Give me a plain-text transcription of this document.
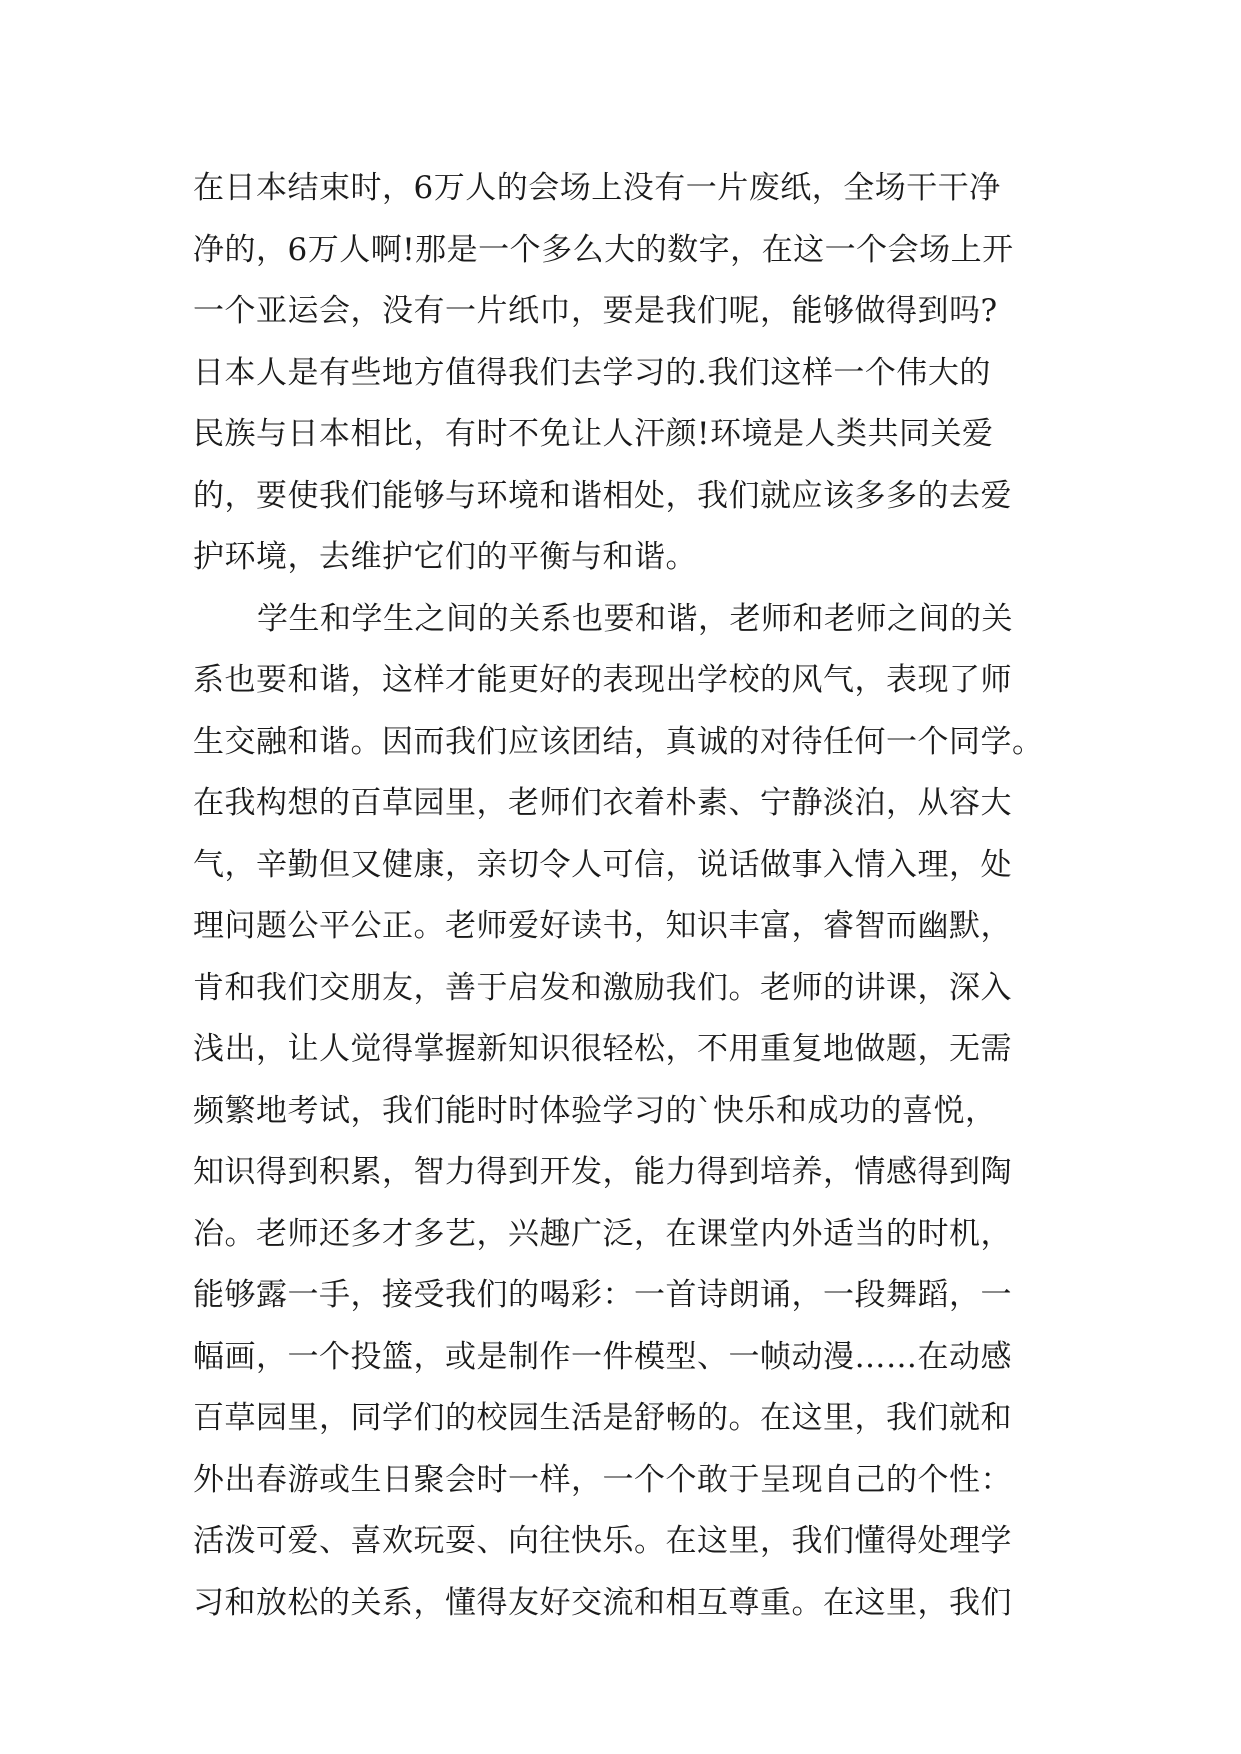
在日本结束时，6万人的会场上没有一片废纸，全场干干净
净的，6万人啊!那是一个多么大的数字，在这一个会场上开
一个亚运会，没有一片纸巾，要是我们呢，能够做得到吗?
日本人是有些地方值得我们去学习的.我们这样一个伟大的
民族与日本相比，有时不免让人汗颜!环境是人类共同关爱
的，要使我们能够与环境和谐相处，我们就应该多多的去爱
护环境，去维护它们的平衡与和谐。
学生和学生之间的关系也要和谐，老师和老师之间的关
系也要和谐，这样才能更好的表现出学校的风气，表现了师
生交融和谐。因而我们应该团结，真诚的对待任何一个同学。
在我构想的百草园里，老师们衣着朴素、宁静淡泊，从容大
气，辛勤但又健康，亲切令人可信，说话做事入情入理，处
理问题公平公正。老师爱好读书，知识丰富，睿智而幽默，
肯和我们交朋友，善于启发和激励我们。老师的讲课，深入
浅出，让人觉得掌握新知识很轻松，不用重复地做题，无需
频繁地考试，我们能时时体验学习的`快乐和成功的喜悦，
知识得到积累，智力得到开发，能力得到培养，情感得到陶
冶。老师还多才多艺，兴趣广泛，在课堂内外适当的时机，
能够露一手，接受我们的喝彩：一首诗朗诵，一段舞蹈，一
幅画，一个投篮，或是制作一件模型、一帧动漫……在动感
百草园里，同学们的校园生活是舒畅的。在这里，我们就和
外出春游或生日聚会时一样，一个个敢于呈现自己的个性：
活泼可爱、喜欢玩耍、向往快乐。在这里，我们懂得处理学
习和放松的关系，懂得友好交流和相互尊重。在这里，我们
